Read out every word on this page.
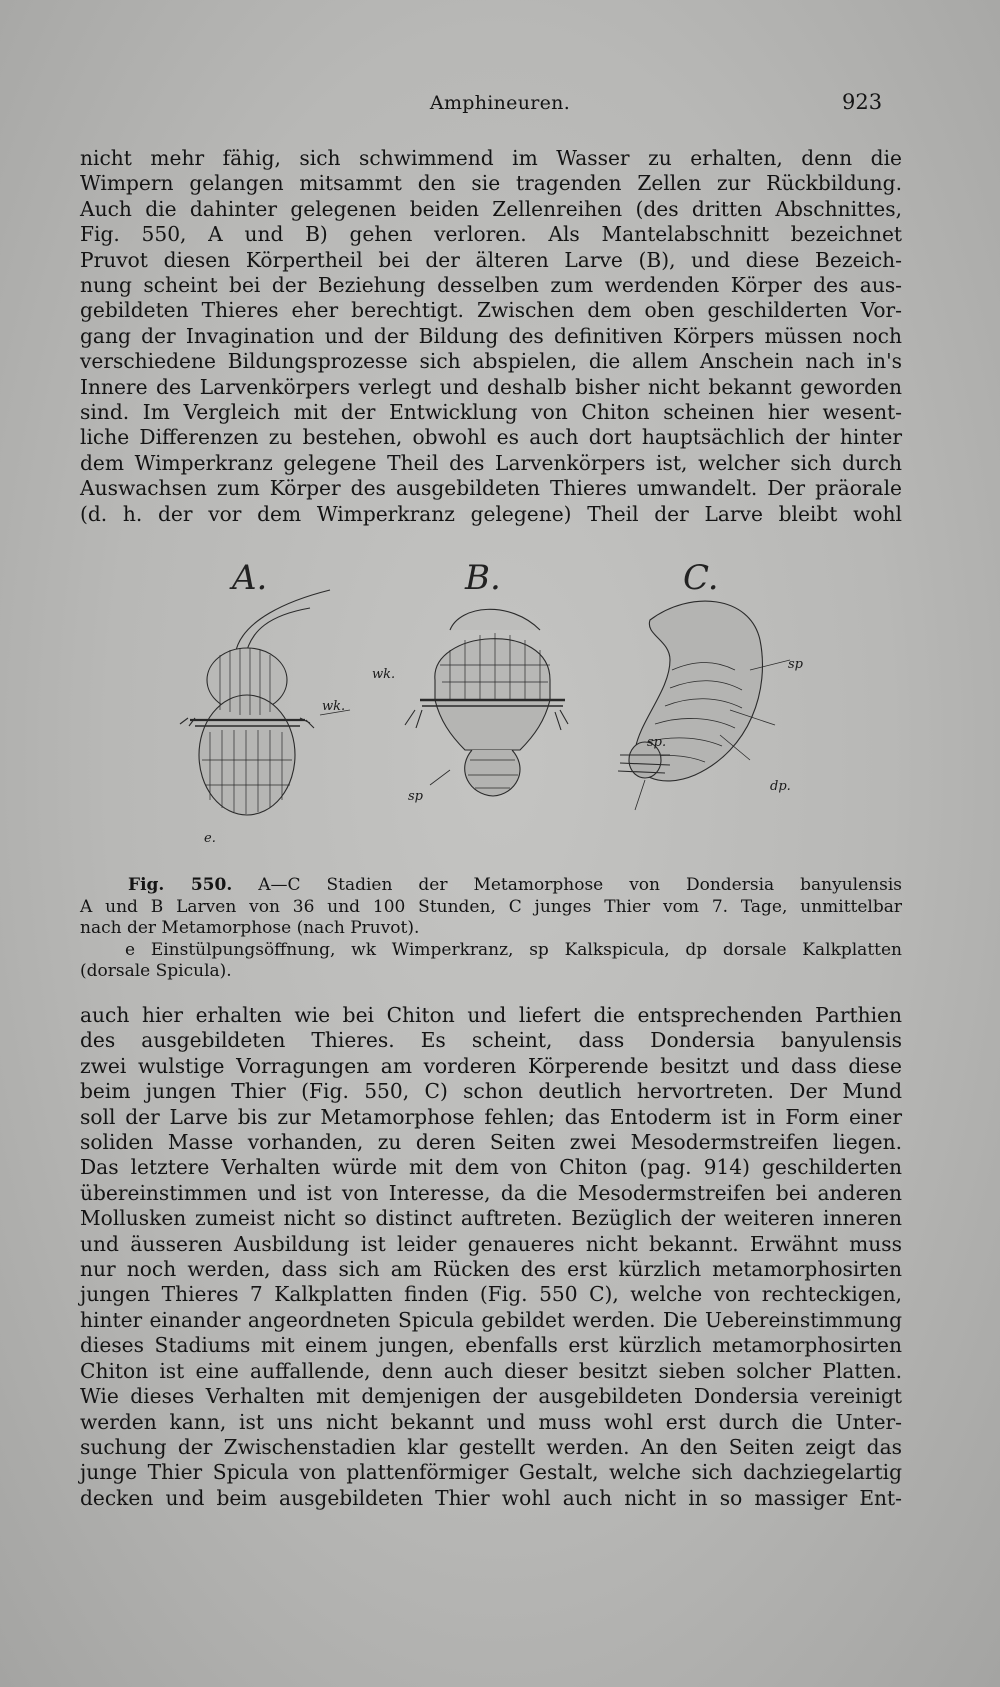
Amphineuren.	923
nicht mehr fähig, sich schwimmend im Wasser zu erhalten, denn die
Wimpern gelangen mitsammt den sie tragenden Zellen zur Rückbildung.
Auch die dahinter gelegenen beiden Zellenreihen (des dritten Abschnittes,
Fig. 550, A und B) gehen verloren. Als Mantelabschnitt bezeichnet
Pruvot diesen Körpertheil bei der älteren Larve (B), und diese Bezeich-
nung scheint bei der Beziehung desselben zum werdenden Körper des aus-
gebildeten Thieres eher berechtigt. Zwischen dem oben geschilderten Vor-
gang der Invagination und der Bildung des definitiven Körpers müssen noch
verschiedene Bildungsprozesse sich abspielen, die allem Anschein nach in's
Innere des Larvenkörpers verlegt und deshalb bisher nicht bekannt geworden
sind. Im Vergleich mit der Entwicklung von Chiton scheinen hier wesent-
liche Differenzen zu bestehen, obwohl es auch dort hauptsächlich der hinter
dem Wimperkranz gelegene Theil des Larvenkörpers ist, welcher sich durch
Auswachsen zum Körper des ausgebildeten Thieres umwandelt. Der präorale
(d. h. der vor dem Wimperkranz gelegene) Theil der Larve bleibt wohl
A.	B.	C.
wk.
e.
wk.
sp
sp
sp.
dp.
Fig. 550. A—C Stadien der Metamorphose von Dondersia banyulensis
A und B Larven von 36 und 100 Stunden, C junges Thier vom 7. Tage, unmittelbar
nach der Metamorphose (nach Pruvot).
e Einstülpungsöffnung, wk Wimperkranz, sp Kalkspicula, dp dorsale Kalkplatten
(dorsale Spicula).
auch hier erhalten wie bei Chiton und liefert die entsprechenden Parthien
des ausgebildeten Thieres. Es scheint, dass Dondersia banyulensis
zwei wulstige Vorragungen am vorderen Körperende besitzt und dass diese
beim jungen Thier (Fig. 550, C) schon deutlich hervortreten. Der Mund
soll der Larve bis zur Metamorphose fehlen; das Entoderm ist in Form einer
soliden Masse vorhanden, zu deren Seiten zwei Mesodermstreifen liegen.
Das letztere Verhalten würde mit dem von Chiton (pag. 914) geschilderten
übereinstimmen und ist von Interesse, da die Mesodermstreifen bei anderen
Mollusken zumeist nicht so distinct auftreten. Bezüglich der weiteren inneren
und äusseren Ausbildung ist leider genaueres nicht bekannt. Erwähnt muss
nur noch werden, dass sich am Rücken des erst kürzlich metamorphosirten
jungen Thieres 7 Kalkplatten finden (Fig. 550 C), welche von rechteckigen,
hinter einander angeordneten Spicula gebildet werden. Die Uebereinstimmung
dieses Stadiums mit einem jungen, ebenfalls erst kürzlich metamorphosirten
Chiton ist eine auffallende, denn auch dieser besitzt sieben solcher Platten.
Wie dieses Verhalten mit demjenigen der ausgebildeten Dondersia vereinigt
werden kann, ist uns nicht bekannt und muss wohl erst durch die Unter-
suchung der Zwischenstadien klar gestellt werden. An den Seiten zeigt das
junge Thier Spicula von plattenförmiger Gestalt, welche sich dachziegelartig
decken und beim ausgebildeten Thier wohl auch nicht in so massiger Ent-
